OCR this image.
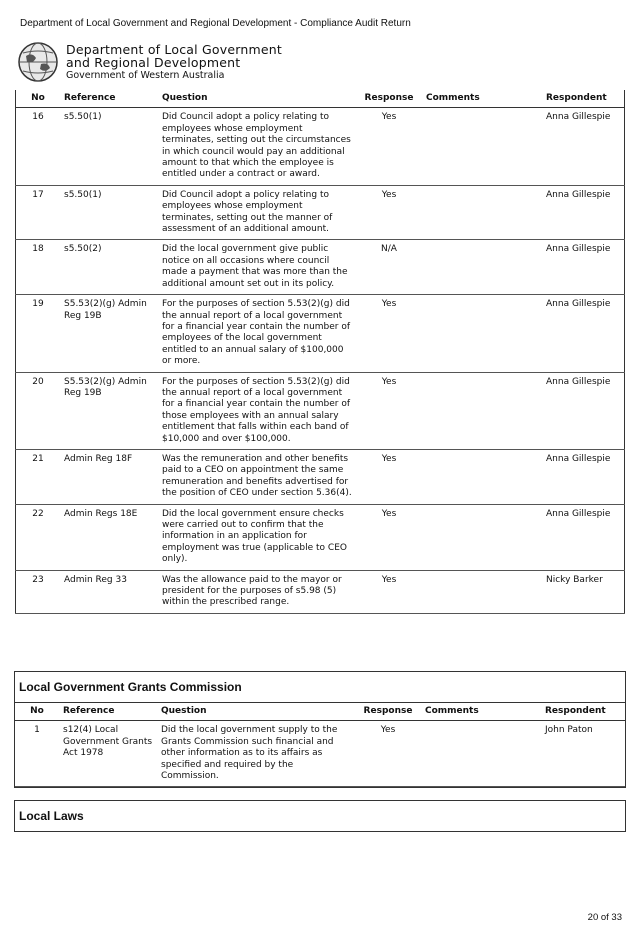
Department of Local Government and Regional Development - Compliance Audit Return
Department of Local Government
and Regional Development
Government of Western Australia
No	Reference	Question	Response	Comments	Respondent
16	s5.50(1)	Did Council adopt a policy relating to employees whose employment terminates, setting out the circumstances in which council would pay an additional amount to that which the employee is entitled under a contract or award.	Yes		Anna Gillespie
17	s5.50(1)	Did Council adopt a policy relating to employees whose employment terminates, setting out the manner of assessment of an additional amount.	Yes		Anna Gillespie
18	s5.50(2)	Did the local government give public notice on all occasions where council made a payment that was more than the additional amount set out in its policy.	N/A		Anna Gillespie
19	S5.53(2)(g) Admin Reg 19B	For the purposes of section 5.53(2)(g) did the annual report of a local government for a financial year contain the number of employees of the local government entitled to an annual salary of $100,000 or more.	Yes		Anna Gillespie
20	S5.53(2)(g) Admin Reg 19B	For the purposes of section 5.53(2)(g) did the annual report of a local government for a financial year contain the number of those employees with an annual salary entitlement that falls within each band of $10,000 and over $100,000.	Yes		Anna Gillespie
21	Admin Reg 18F	Was the remuneration and other benefits paid to a CEO on appointment the same remuneration and benefits advertised for the position of CEO under section 5.36(4).	Yes		Anna Gillespie
22	Admin Regs 18E	Did the local government ensure checks were carried out to confirm that the information in an application for employment was true (applicable to CEO only).	Yes		Anna Gillespie
23	Admin Reg 33	Was the allowance paid to the mayor or president for the purposes of s5.98 (5) within the prescribed range.	Yes		Nicky Barker
Local Government Grants Commission
No	Reference	Question	Response	Comments	Respondent
1	s12(4) Local Government Grants Act 1978	Did the local government supply to the Grants Commission such financial and other information as to its affairs as specified and required by the Commission.	Yes		John Paton
Local Laws
20 of 33
